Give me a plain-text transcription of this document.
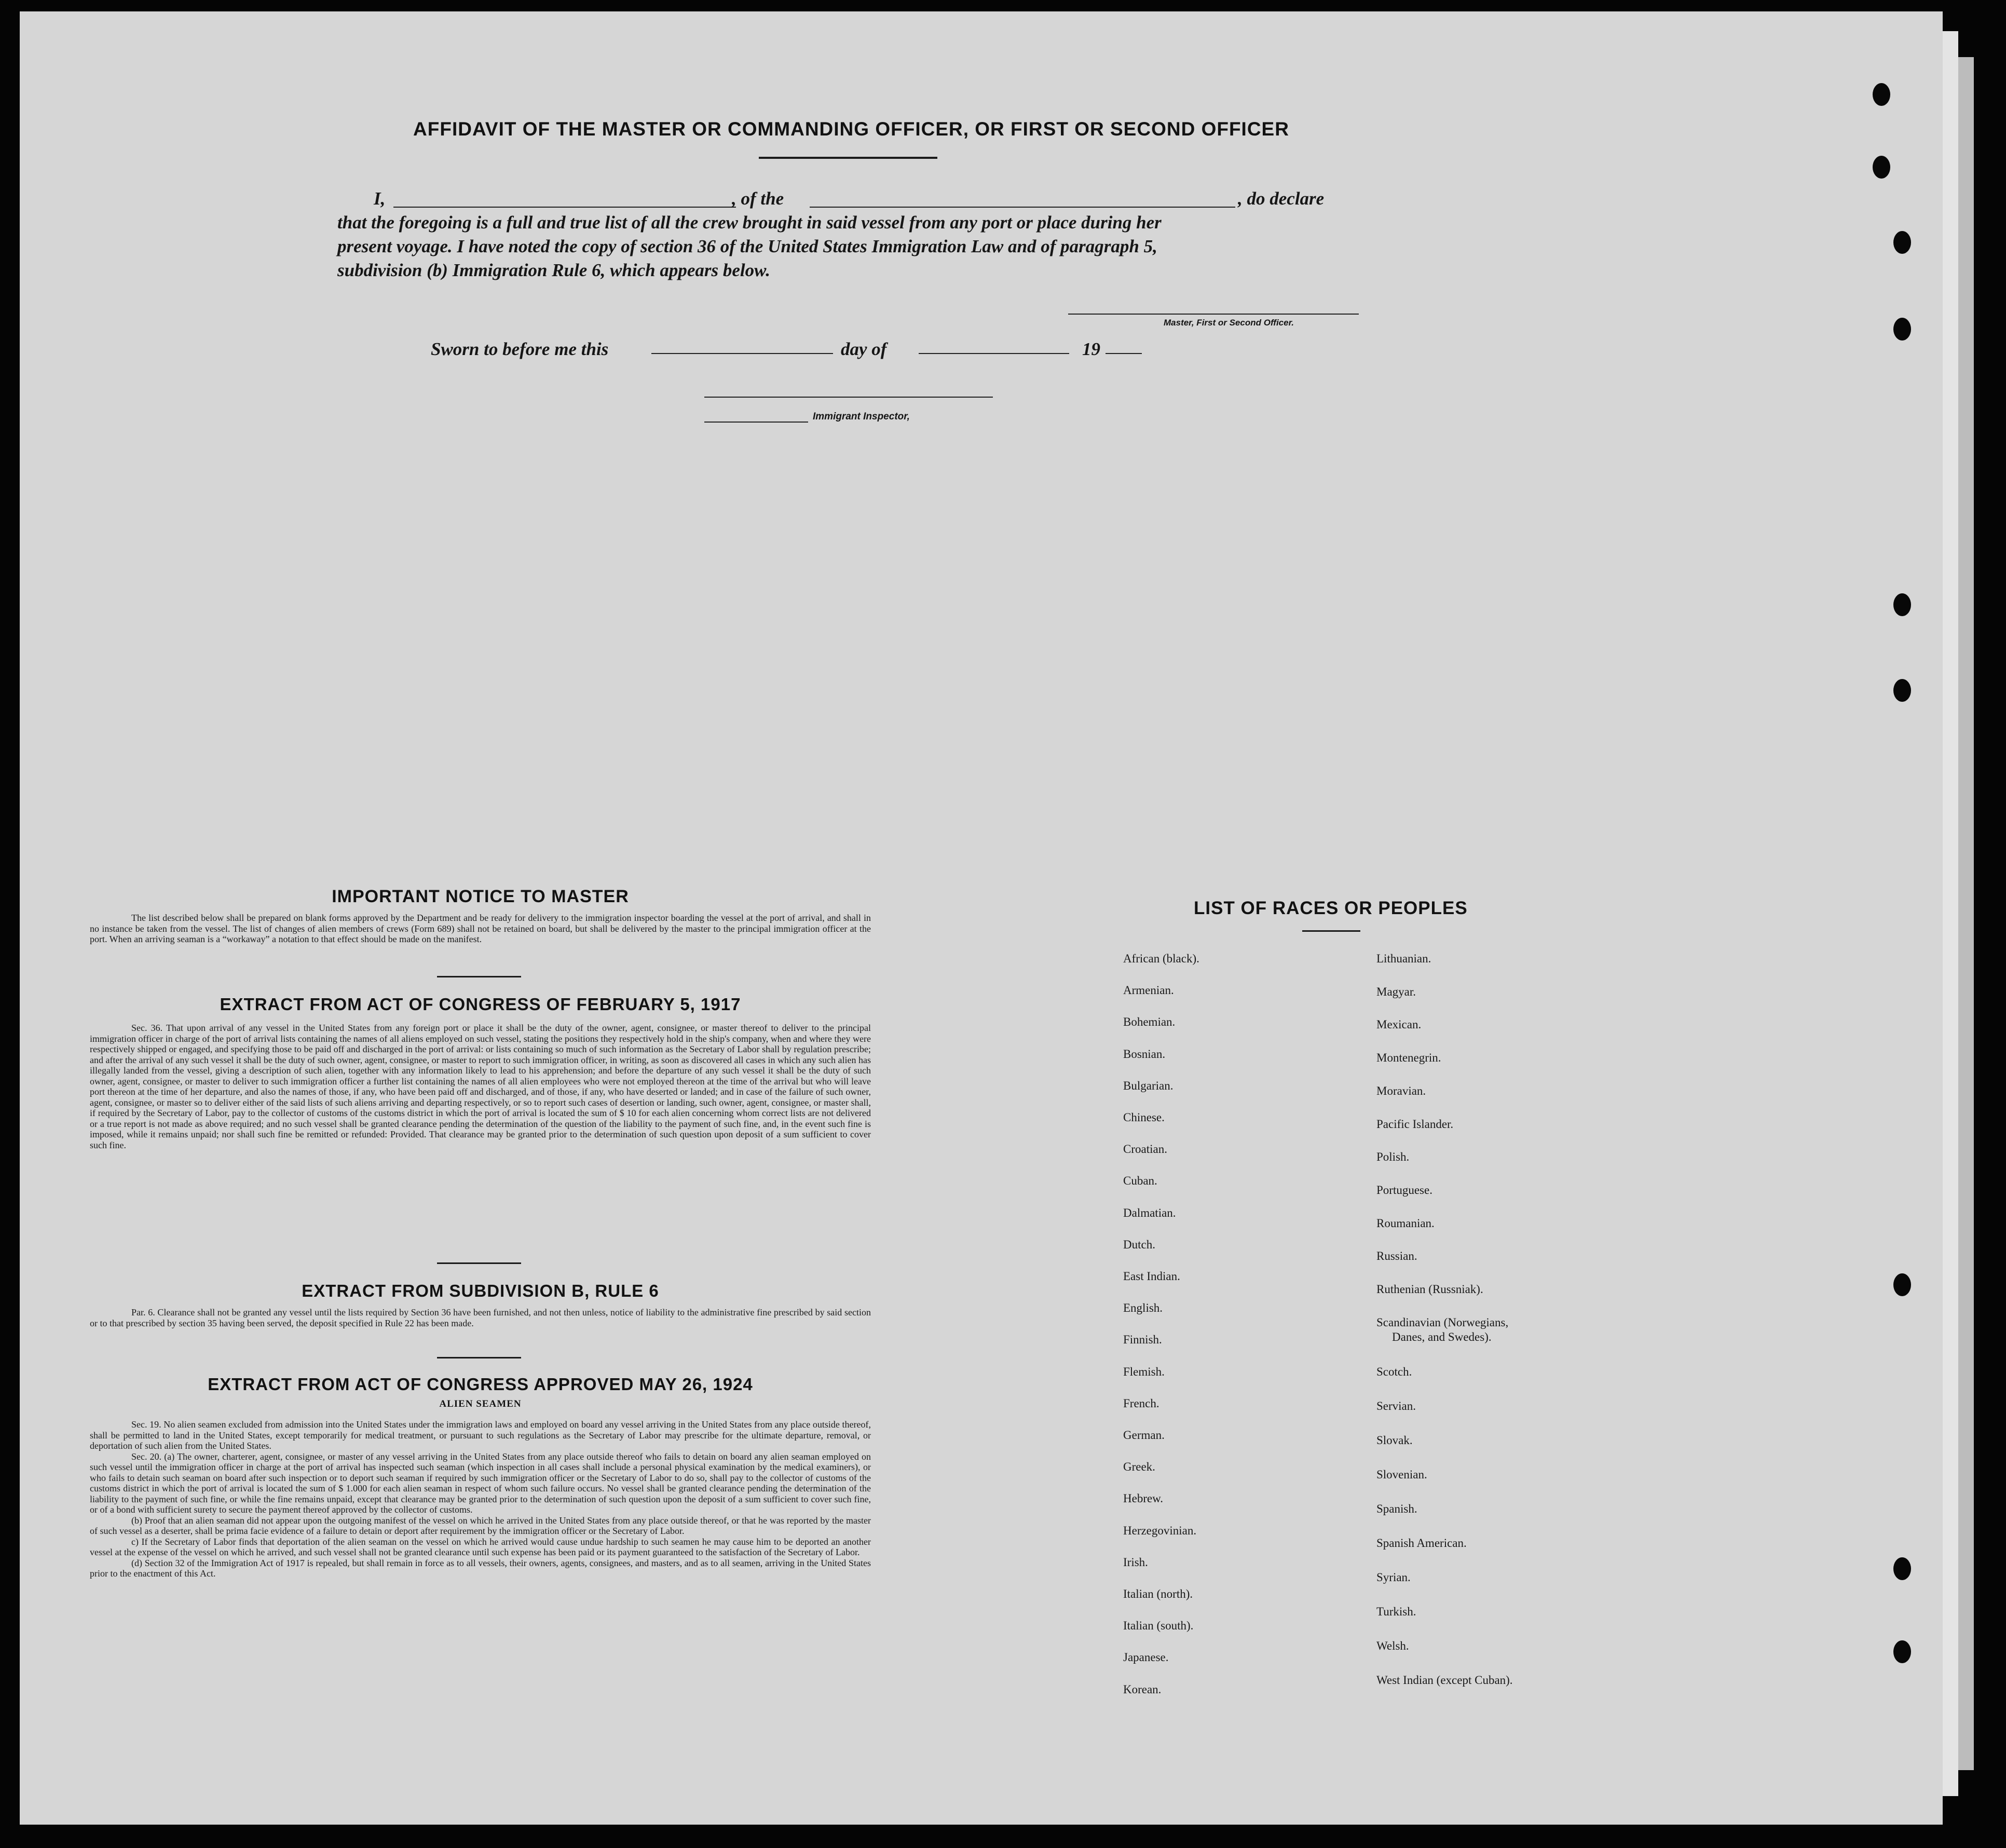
AFFIDAVIT OF THE MASTER OR COMMANDING OFFICER, OR FIRST OR SECOND OFFICER
I,	, of the	, do declare
that the foregoing is a full and true list of all the crew brought in said vessel from any port or place during her
present voyage. I have noted the copy of section 36 of the United States Immigration Law and of paragraph 5,
subdivision (b) Immigration Rule 6, which appears below.
Master, First or Second Officer.
Sworn to before me this	day of	19
Immigrant Inspector,
IMPORTANT NOTICE TO MASTER

The list described below shall be prepared on blank forms approved by the Department and be ready for delivery to the immigration inspector boarding the vessel at the port of arrival, and shall in no instance be taken from the vessel. The list of changes of alien members of crews (Form 689) shall not be retained on board, but shall be delivered by the master to the principal immigration officer at the port. When an arriving seaman is a “workaway” a notation to that effect should be made on the manifest.

EXTRACT FROM ACT OF CONGRESS OF FEBRUARY 5, 1917

Sec. 36. That upon arrival of any vessel in the United States from any foreign port or place it shall be the duty of the owner, agent, consignee, or master thereof to deliver to the principal immigration officer in charge of the port of arrival lists containing the names of all aliens employed on such vessel, stating the positions they respectively hold in the ship's company, when and where they were respectively shipped or engaged, and specifying those to be paid off and discharged in the port of arrival: or lists containing so much of such information as the Secretary of Labor shall by regulation prescribe; and after the arrival of any such vessel it shall be the duty of such owner, agent, consignee, or master to report to such immigration officer, in writing, as soon as discovered all cases in which any such alien has illegally landed from the vessel, giving a description of such alien, together with any information likely to lead to his apprehension; and before the departure of any such vessel it shall be the duty of such owner, agent, consignee, or master to deliver to such immigration officer a further list containing the names of all alien employees who were not employed thereon at the time of the arrival but who will leave port thereon at the time of her departure, and also the names of those, if any, who have been paid off and discharged, and of those, if any, who have deserted or landed; and in case of the failure of such owner, agent, consignee, or master so to deliver either of the said lists of such aliens arriving and departing respectively, or so to report such cases of desertion or landing, such owner, agent, consignee, or master shall, if required by the Secretary of Labor, pay to the collector of customs of the customs district in which the port of arrival is located the sum of $ 10 for each alien concerning whom correct lists are not delivered or a true report is not made as above required; and no such vessel shall be granted clearance pending the determination of the question of the liability to the payment of such fine, and, in the event such fine is imposed, while it remains unpaid; nor shall such fine be remitted or refunded: Provided. That clearance may be granted prior to the determination of such question upon deposit of a sum sufficient to cover such fine.

EXTRACT FROM SUBDIVISION B, RULE 6

Par. 6. Clearance shall not be granted any vessel until the lists required by Section 36 have been furnished, and not then unless, notice of liability to the administrative fine prescribed by said section or to that prescribed by section 35 having been served, the deposit specified in Rule 22 has been made.

EXTRACT FROM ACT OF CONGRESS APPROVED MAY 26, 1924
ALIEN SEAMEN

Sec. 19. No alien seamen excluded from admission into the United States under the immigration laws and employed on board any vessel arriving in the United States from any place outside thereof, shall be permitted to land in the United States, except temporarily for medical treatment, or pursuant to such regulations as the Secretary of Labor may prescribe for the ultimate departure, removal, or deportation of such alien from the United States.

Sec. 20. (a) The owner, charterer, agent, consignee, or master of any vessel arriving in the United States from any place outside thereof who fails to detain on board any alien seaman employed on such vessel until the immigration officer in charge at the port of arrival has inspected such seaman (which inspection in all cases shall include a personal physical examination by the medical examiners), or who fails to detain such seaman on board after such inspection or to deport such seaman if required by such immigration officer or the Secretary of Labor to do so, shall pay to the collector of customs of the customs district in which the port of arrival is located the sum of $ 1.000 for each alien seaman in respect of whom such failure occurs. No vessel shall be granted clearance pending the determination of the liability to the payment of such fine, or while the fine remains unpaid, except that clearance may be granted prior to the determination of such question upon the deposit of a sum sufficient to cover such fine, or of a bond with sufficient surety to secure the payment thereof approved by the collector of customs.

(b) Proof that an alien seaman did not appear upon the outgoing manifest of the vessel on which he arrived in the United States from any place outside thereof, or that he was reported by the master of such vessel as a deserter, shall be prima facie evidence of a failure to detain or deport after requirement by the immigration officer or the Secretary of Labor.

c) If the Secretary of Labor finds that deportation of the alien seaman on the vessel on which he arrived would cause undue hardship to such seamen he may cause him to be deported an another vessel at the expense of the vessel on which he arrived, and such vessel shall not be granted clearance until such expense has been paid or its payment guaranteed to the satisfaction of the Secretary of Labor.

(d) Section 32 of the Immigration Act of 1917 is repealed, but shall remain in force as to all vessels, their owners, agents, consignees, and masters, and as to all seamen, arriving in the United States prior to the enactment of this Act.

LIST OF RACES OR PEOPLES
African (black).
Armenian.
Bohemian.
Bosnian.
Bulgarian.
Chinese.
Croatian.
Cuban.
Dalmatian.
Dutch.
East Indian.
English.
Finnish.
Flemish.
French.
German.
Greek.
Hebrew.
Herzegovinian.
Irish.
Italian (north).
Italian (south).
Japanese.
Korean.
Lithuanian.
Magyar.
Mexican.
Montenegrin.
Moravian.
Pacific Islander.
Polish.
Portuguese.
Roumanian.
Russian.
Ruthenian (Russniak).
Scandinavian (Norwegians,
Danes, and Swedes).
Scotch.
Servian.
Slovak.
Slovenian.
Spanish.
Spanish American.
Syrian.
Turkish.
Welsh.
West Indian (except Cuban).
